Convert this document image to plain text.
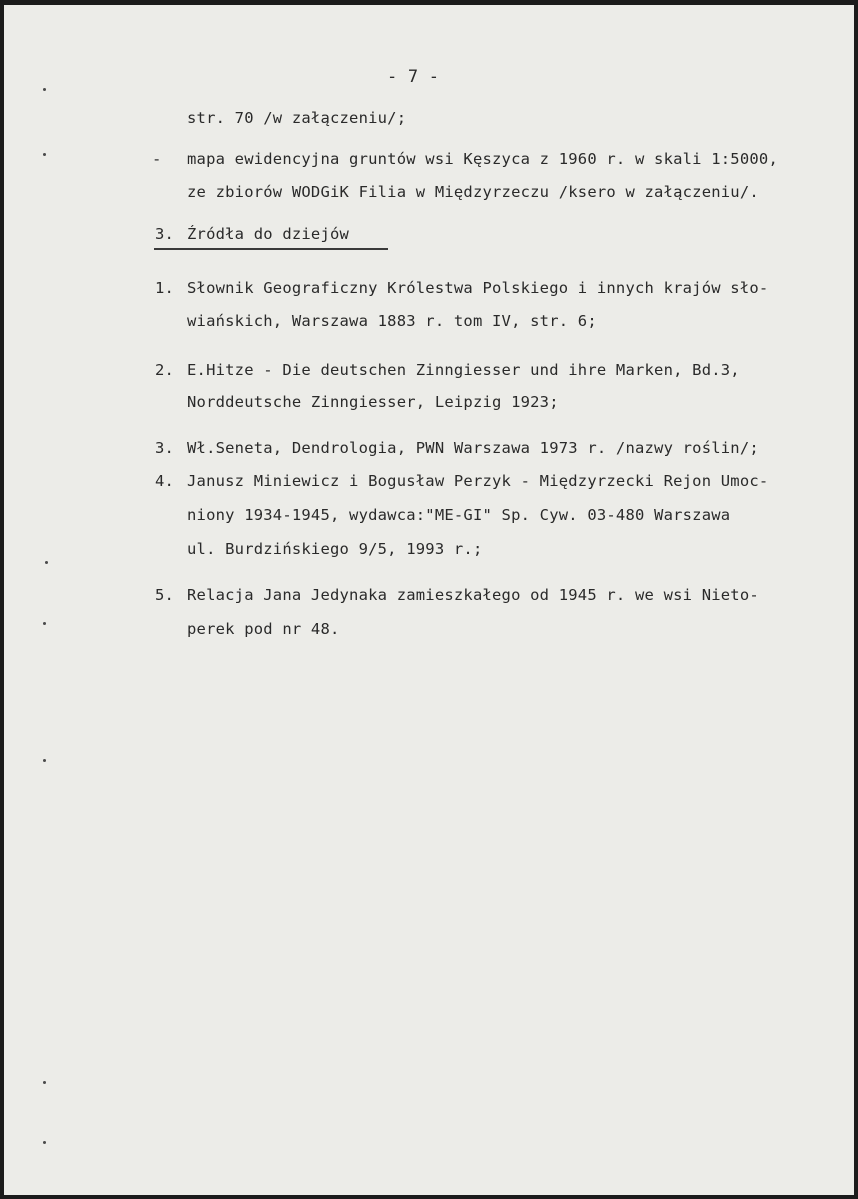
- 7 -
str. 70 /w załączeniu/;
- mapa ewidencyjna gruntów wsi Kęszyca z 1960 r. w skali 1:5000,
ze zbiorów WODGiK Filia w Międzyrzeczu /ksero w załączeniu/.
3. Źródła do dziejów
1. Słownik Geograficzny Królestwa Polskiego i innych krajów sło-
wiańskich, Warszawa 1883 r. tom IV, str. 6;
2. E.Hitze - Die deutschen Zinngiesser und ihre Marken, Bd.3,
Norddeutsche Zinngiesser, Leipzig 1923;
3. Wł.Seneta, Dendrologia, PWN Warszawa 1973 r. /nazwy roślin/;
4. Janusz Miniewicz i Bogusław Perzyk - Międzyrzecki Rejon Umoc-
niony 1934-1945, wydawca:"ME-GI" Sp. Cyw. 03-480 Warszawa
ul. Burdzińskiego 9/5, 1993 r.;
5. Relacja Jana Jedynaka zamieszkałego od 1945 r. we wsi Nieto-
perek pod nr 48.
